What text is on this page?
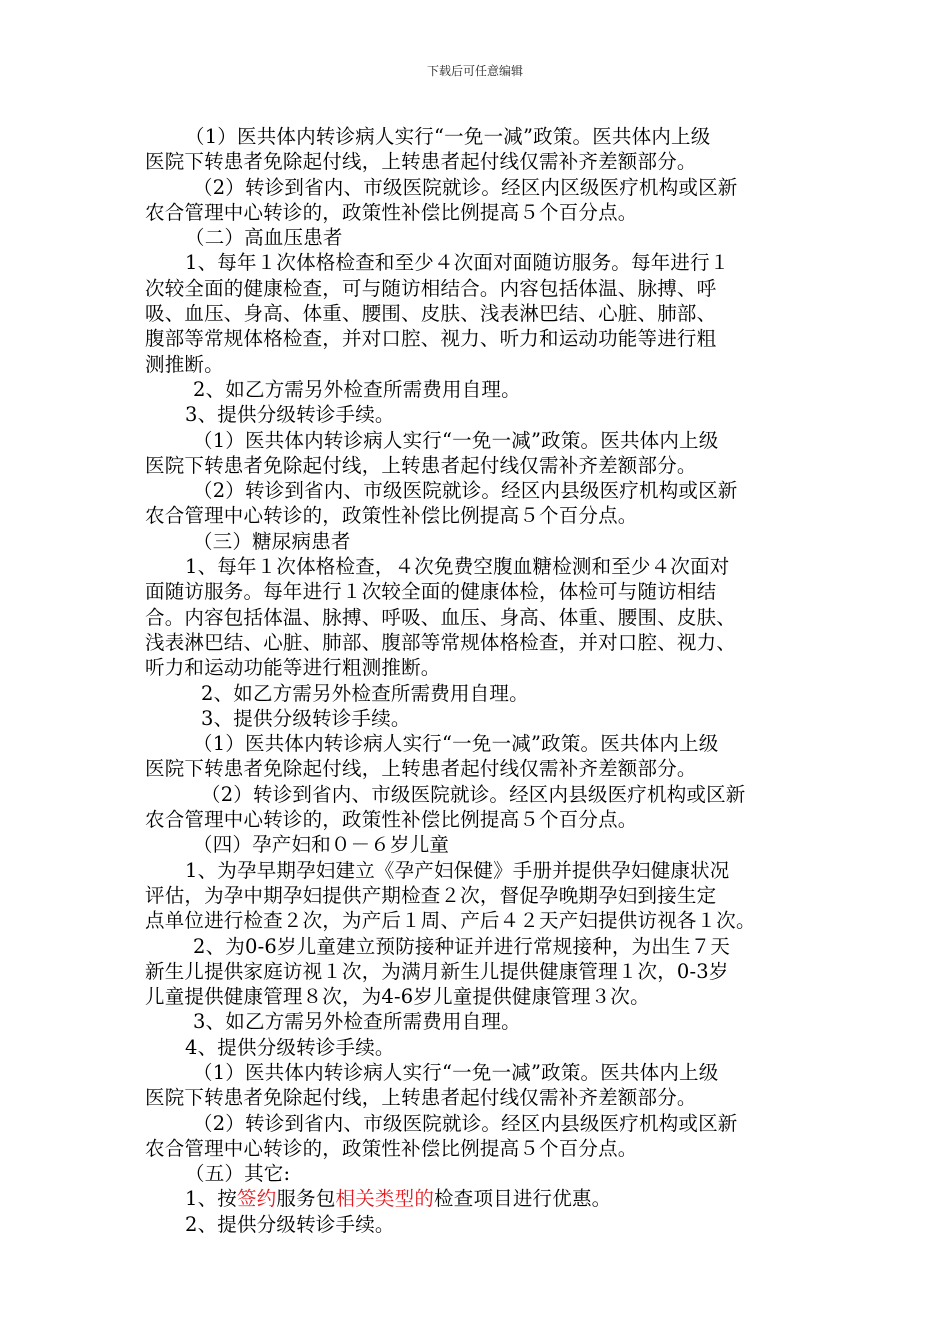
下载后可任意编辑
（1）医共体内转诊病人实行“一免一减”政策。医共体内上级
医院下转患者免除起付线，上转患者起付线仅需补齐差额部分。
（2）转诊到省内、市级医院就诊。经区内区级医疗机构或区新
农合管理中心转诊的，政策性补偿比例提高５个百分点。
（二）高血压患者
1、每年１次体格检查和至少４次面对面随访服务。每年进行１
次较全面的健康检查，可与随访相结合。内容包括体温、脉搏、呼
吸、血压、身高、体重、腰围、皮肤、浅表淋巴结、心脏、肺部、
腹部等常规体格检查，并对口腔、视力、听力和运动功能等进行粗
测推断。
2、如乙方需另外检查所需费用自理。
3、提供分级转诊手续。
（1）医共体内转诊病人实行“一免一减”政策。医共体内上级
医院下转患者免除起付线，上转患者起付线仅需补齐差额部分。
（2）转诊到省内、市级医院就诊。经区内县级医疗机构或区新
农合管理中心转诊的，政策性补偿比例提高５个百分点。
（三）糖尿病患者
1、每年１次体格检查，４次免费空腹血糖检测和至少４次面对
面随访服务。每年进行１次较全面的健康体检，体检可与随访相结
合。内容包括体温、脉搏、呼吸、血压、身高、体重、腰围、皮肤、
浅表淋巴结、心脏、肺部、腹部等常规体格检查，并对口腔、视力、
听力和运动功能等进行粗测推断。
2、如乙方需另外检查所需费用自理。
3、提供分级转诊手续。
（1）医共体内转诊病人实行“一免一减”政策。医共体内上级
医院下转患者免除起付线，上转患者起付线仅需补齐差额部分。
（2）转诊到省内、市级医院就诊。经区内县级医疗机构或区新
农合管理中心转诊的，政策性补偿比例提高５个百分点。
（四）孕产妇和０－６岁儿童
1、为孕早期孕妇建立《孕产妇保健》手册并提供孕妇健康状况
评估，为孕中期孕妇提供产期检查２次，督促孕晚期孕妇到接生定
点单位进行检查２次，为产后１周、产后４２天产妇提供访视各１次。
2、为0-6岁儿童建立预防接种证并进行常规接种，为出生７天
新生儿提供家庭访视１次，为满月新生儿提供健康管理１次，0-3岁
儿童提供健康管理８次，为4-6岁儿童提供健康管理３次。
3、如乙方需另外检查所需费用自理。
4、提供分级转诊手续。
（1）医共体内转诊病人实行“一免一减”政策。医共体内上级
医院下转患者免除起付线，上转患者起付线仅需补齐差额部分。
（2）转诊到省内、市级医院就诊。经区内县级医疗机构或区新
农合管理中心转诊的，政策性补偿比例提高５个百分点。
（五）其它:
1、按签约服务包相关类型的检查项目进行优惠。
2、提供分级转诊手续。
